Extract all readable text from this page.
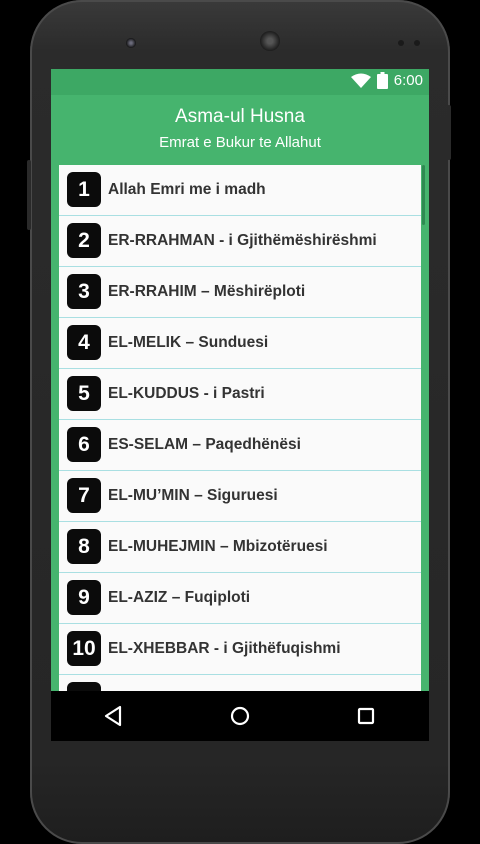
6:00
Asma-ul Husna
Emrat e Bukur te Allahut
1	Allah Emri me i madh
2	ER-RRAHMAN - i Gjithëmëshirëshmi
3	ER-RRAHIM – Mëshirëploti
4	EL-MELIK – Sunduesi
5	EL-KUDDUS - i Pastri
6	ES-SELAM – Paqedhënësi
7	EL-MU’MIN – Siguruesi
8	EL-MUHEJMIN – Mbizotëruesi
9	EL-AZIZ – Fuqiploti
10 EL-XHEBBAR - i Gjithëfuqishmi
